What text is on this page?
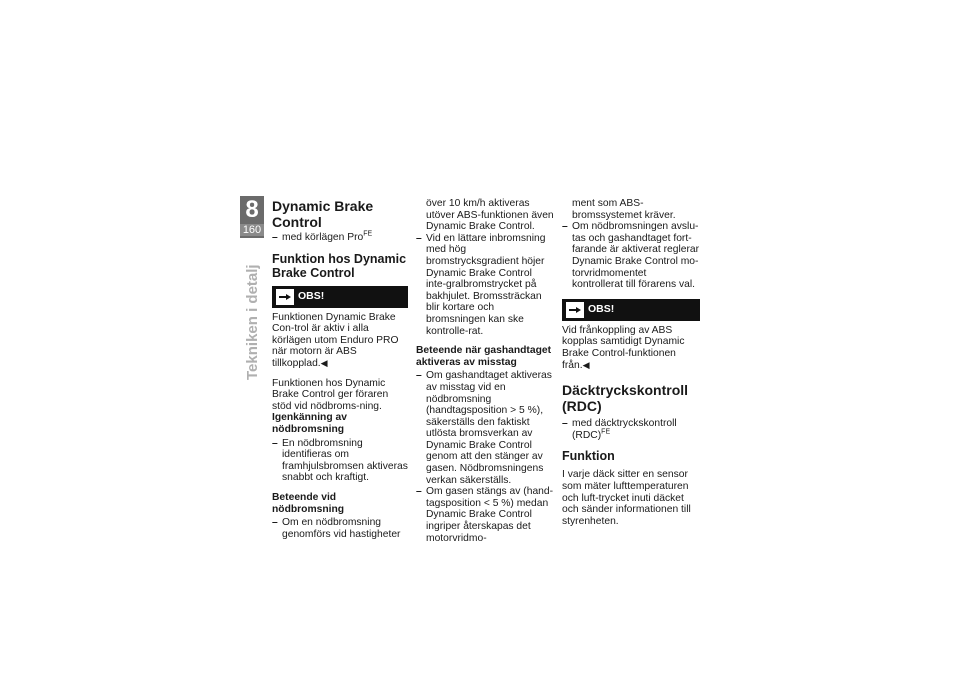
8
160
Tekniken i detalj
Dynamic Brake Control
– med körlägen Pro$^{FE}$
Funktion hos Dynamic Brake Control
OBS!

Funktionen Dynamic Brake Con-trol är aktiv i alla körlägen utom Enduro PRO när motorn är ABS tillkopplad.◀

Funktionen hos Dynamic Brake Control ger föraren stöd vid nödbroms-ning.

Igenkänning av nödbromsning
– En nödbromsning identifieras om framhjulsbromsen aktiveras snabbt och kraftigt.
Beteende vid nödbromsning
– Om en nödbromsning genomförs vid hastigheter

över 10 km/h aktiveras utöver ABS-funktionen även Dynamic Brake Control.

– Vid en lättare inbromsning med hög bromstrycksgradient höjer Dynamic Brake Control inte-gralbromstrycket på bakhjulet. Bromssträckan blir kortare och bromsningen kan ske kontrolle-rat.
Beteende när gashandtaget aktiveras av misstag
– Om gashandtaget aktiveras av misstag vid en nödbromsning (handtagsposition > 5 %), säkerställs den faktiskt utlösta bromsverkan av Dynamic Brake Control genom att den stänger av gasen. Nödbromsningens verkan säkerställs.
– Om gasen stängs av (hand-tagsposition < 5 %) medan Dynamic Brake Control ingriper återskapas det motorvridmo-

ment som ABS-bromssystemet kräver.

– Om nödbromsningen avslu-tas och gashandtaget fort-farande är aktiverat reglerar Dynamic Brake Control mo-torvridmomentet kontrollerat till förarens val.
OBS!

Vid frånkoppling av ABS kopplas samtidigt Dynamic Brake Control-funktionen från.◀

Däcktryckskontroll (RDC)
– med däcktryckskontroll (RDC)$^{FE}$
Funktion

I varje däck sitter en sensor som mäter lufttemperaturen och luft-trycket inuti däcket och sänder informationen till styrenheten.
